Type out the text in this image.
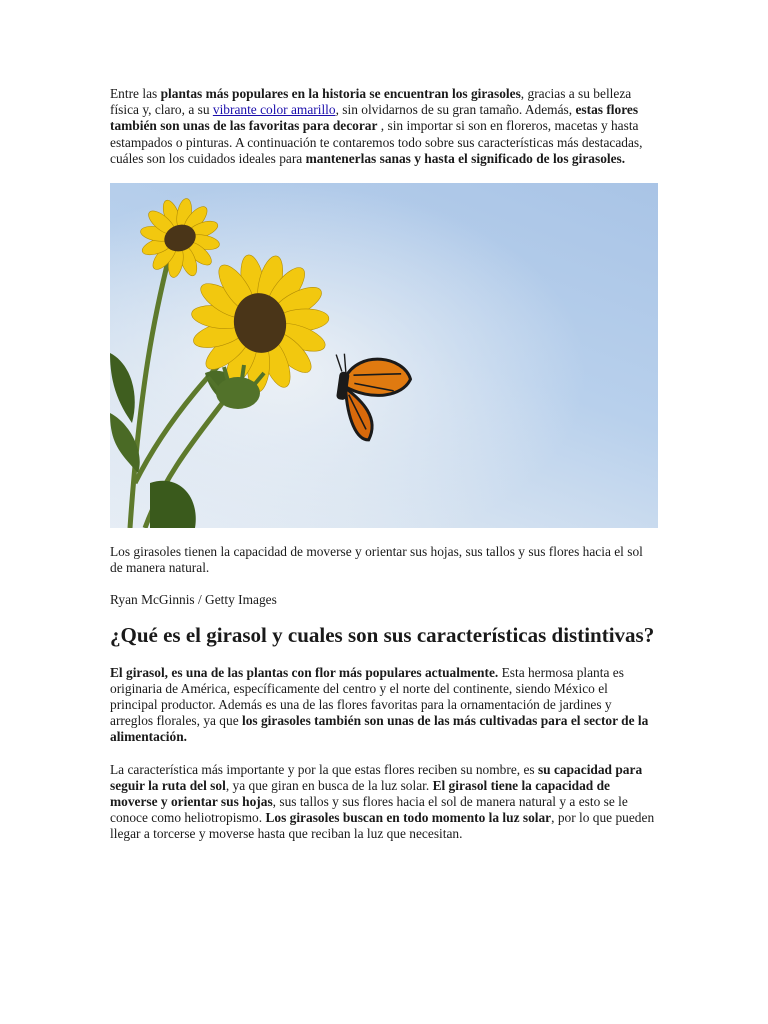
Entre las plantas más populares en la historia se encuentran los girasoles, gracias a su belleza física y, claro, a su vibrante color amarillo, sin olvidarnos de su gran tamaño. Además, estas flores también son unas de las favoritas para decorar , sin importar si son en floreros, macetas y hasta estampados o pinturas. A continuación te contaremos todo sobre sus características más destacadas, cuáles son los cuidados ideales para mantenerlas sanas y hasta el significado de los girasoles.

Los girasoles tienen la capacidad de moverse y orientar sus hojas, sus tallos y sus flores hacia el sol de manera natural.

Ryan McGinnis / Getty Images

¿Qué es el girasol y cuales son sus características distintivas?

El girasol, es una de las plantas con flor más populares actualmente. Esta hermosa planta es originaria de América, específicamente del centro y el norte del continente, siendo México el principal productor. Además es una de las flores favoritas para la ornamentación de jardines y arreglos florales, ya que los girasoles también son unas de las más cultivadas para el sector de la alimentación.

La característica más importante y por la que estas flores reciben su nombre, es su capacidad para seguir la ruta del sol, ya que giran en busca de la luz solar. El girasol tiene la capacidad de moverse y orientar sus hojas, sus tallos y sus flores hacia el sol de manera natural y a esto se le conoce como heliotropismo. Los girasoles buscan en todo momento la luz solar, por lo que pueden llegar a torcerse y moverse hasta que reciban la luz que necesitan.
